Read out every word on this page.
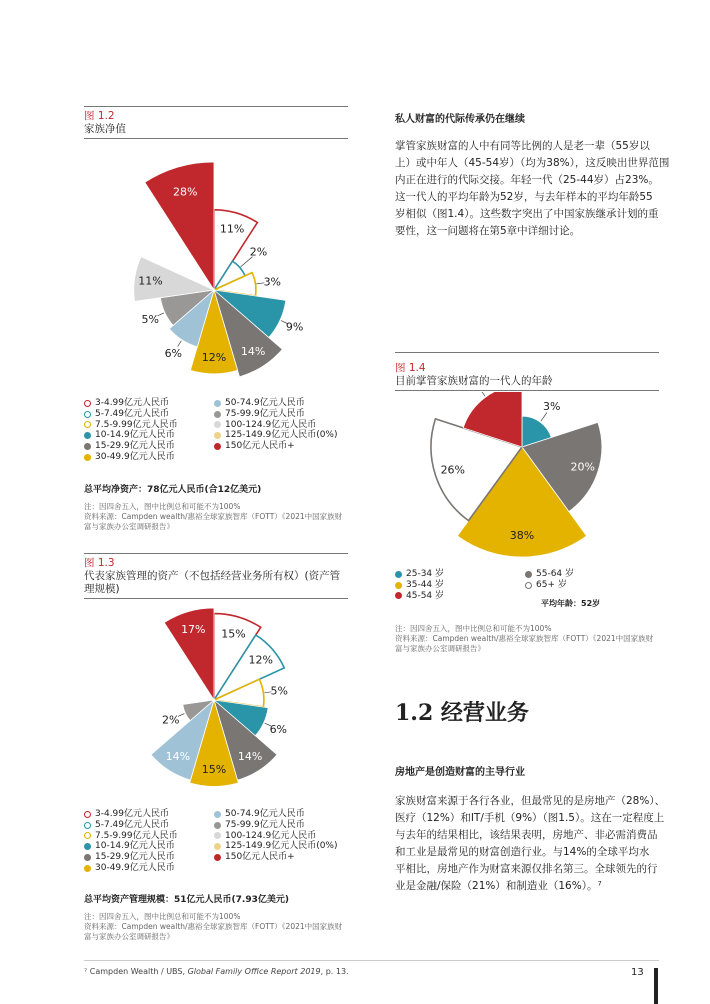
图 1.2
家族净值
11%
2%
3%
9%
14%
12%
6%
5%
11%
28%
3-4.99亿元人民币
5-7.49亿元人民币
7.5-9.99亿元人民币
10-14.9亿元人民币
15-29.9亿元人民币
30-49.9亿元人民币
50-74.9亿元人民币
75-99.9亿元人民币
100-124.9亿元人民币
125-149.9亿元人民币(0%)
150亿元人民币+
总平均净资产：78亿元人民币(合12亿美元)
注：因四舍五入，图中比例总和可能不为100%
资料来源：Campden wealth/惠裕全球家族智库（FOTT）《2021中国家族财富与家族办公室调研报告》
图 1.3
代表家族管理的资产（不包括经营业务所有权）(资产管理规模)
15%
12%
5%
6%
14%
15%
14%
2%
17%
3-4.99亿元人民币
5-7.49亿元人民币
7.5-9.99亿元人民币
10-14.9亿元人民币
15-29.9亿元人民币
30-49.9亿元人民币
50-74.9亿元人民币
75-99.9亿元人民币
100-124.9亿元人民币
125-149.9亿元人民币(0%)
150亿元人民币+
总平均资产管理规模：51亿元人民币(7.93亿美元)
注：因四舍五入，图中比例总和可能不为100%
资料来源：Campden wealth/惠裕全球家族智库（FOTT）《2021中国家族财富与家族办公室调研报告》
私人财富的代际传承仍在继续
掌管家族财富的人中有同等比例的人是老一辈（55岁以
上）或中年人（45-54岁）（均为38%），这反映出世界范围
内正在进行的代际交接。年轻一代（25-44岁）占23%。
这一代人的平均年龄为52岁，与去年样本的平均年龄55
岁相似（图1.4）。这些数字突出了中国家族继承计划的重
要性，这一问题将在第5章中详细讨论。
图 1.4
目前掌管家族财富的一代人的年龄
3%
20%
38%
26%
25-34 岁	55-64 岁
35-44 岁	65+ 岁
45-54 岁
平均年龄：52岁
注：因四舍五入，图中比例总和可能不为100%
资料来源：Campden wealth/惠裕全球家族智库（FOTT）《2021中国家族财富与家族办公室调研报告》
1.2 经营业务
房地产是创造财富的主导行业
家族财富来源于各行各业，但最常见的是房地产（28%）、
医疗（12%）和IT/手机（9%）（图1.5）。这在一定程度上
与去年的结果相比，该结果表明，房地产、非必需消费品
和工业是最常见的财富创造行业。与14%的全球平均水
平相比，房地产作为财富来源仅排名第三。全球领先的行
业是金融/保险（21%）和制造业（16%）。⁷
⁷ Campden Wealth / UBS, Global Family Office Report 2019, p. 13.	13
